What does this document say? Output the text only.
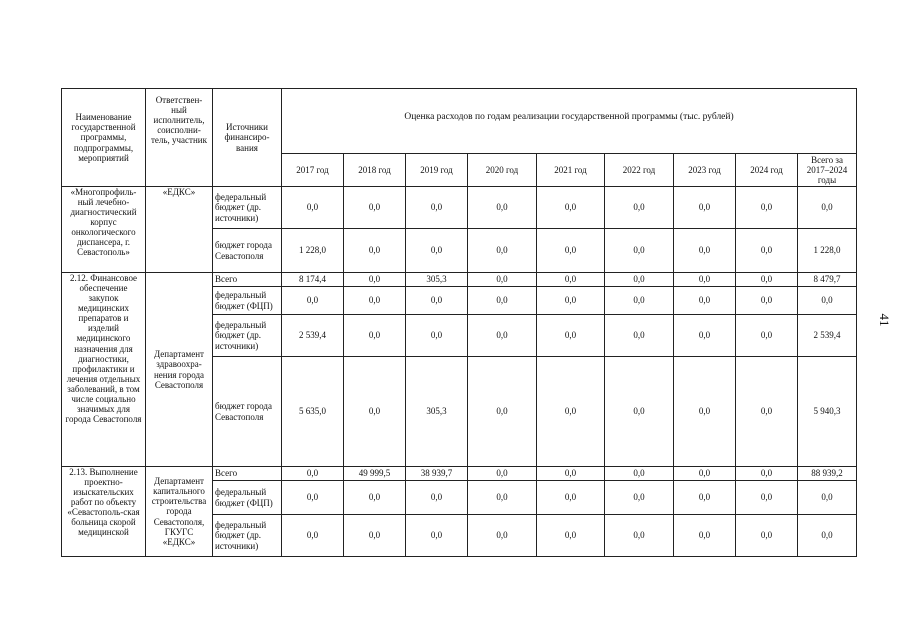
Наименование государственной программы, подпрограммы, мероприятий	Ответствен-ный исполнитель, соисполни-тель, участник	Источники финансиро-вания	Оценка расходов по годам реализации государственной программы (тыс. рублей)								
			2017 год	2018 год	2019 год	2020 год	2021 год	2022 год	2023 год	2024 год	Всего за 2017–2024 годы
«Многопрофиль-ный лечебно-диагностический корпус онкологического диспансера, г. Севастополь»	«ЕДКС»	федеральный бюджет (др. источники)	0,0	0,0	0,0	0,0	0,0	0,0	0,0	0,0	0,0
		бюджет города Севастополя	1 228,0	0,0	0,0	0,0	0,0	0,0	0,0	0,0	1 228,0
2.12. Финансовое обеспечение закупок медицинских препаратов и изделий медицинского назначения для диагностики, профилактики и лечения отдельных заболеваний, в том числе социально значимых для города Севастополя	Департамент здравоохра-нения города Севастополя	Всего	8 174,4	0,0	305,3	0,0	0,0	0,0	0,0	0,0	8 479,7
		федеральный бюджет (ФЦП)	0,0	0,0	0,0	0,0	0,0	0,0	0,0	0,0	0,0
		федеральный бюджет (др. источники)	2 539,4	0,0	0,0	0,0	0,0	0,0	0,0	0,0	2 539,4
		бюджет города Севастополя	5 635,0	0,0	305,3	0,0	0,0	0,0	0,0	0,0	5 940,3
2.13. Выполнение проектно-изыскательских работ по объекту «Севастополь-ская больница скорой медицинской	Департамент капитального строительства города Севастополя, ГКУГС «ЕДКС»	Всего	0,0	49 999,5	38 939,7	0,0	0,0	0,0	0,0	0,0	88 939,2
		федеральный бюджет (ФЦП)	0,0	0,0	0,0	0,0	0,0	0,0	0,0	0,0	0,0
		федеральный бюджет (др. источники)	0,0	0,0	0,0	0,0	0,0	0,0	0,0	0,0	0,0
41
